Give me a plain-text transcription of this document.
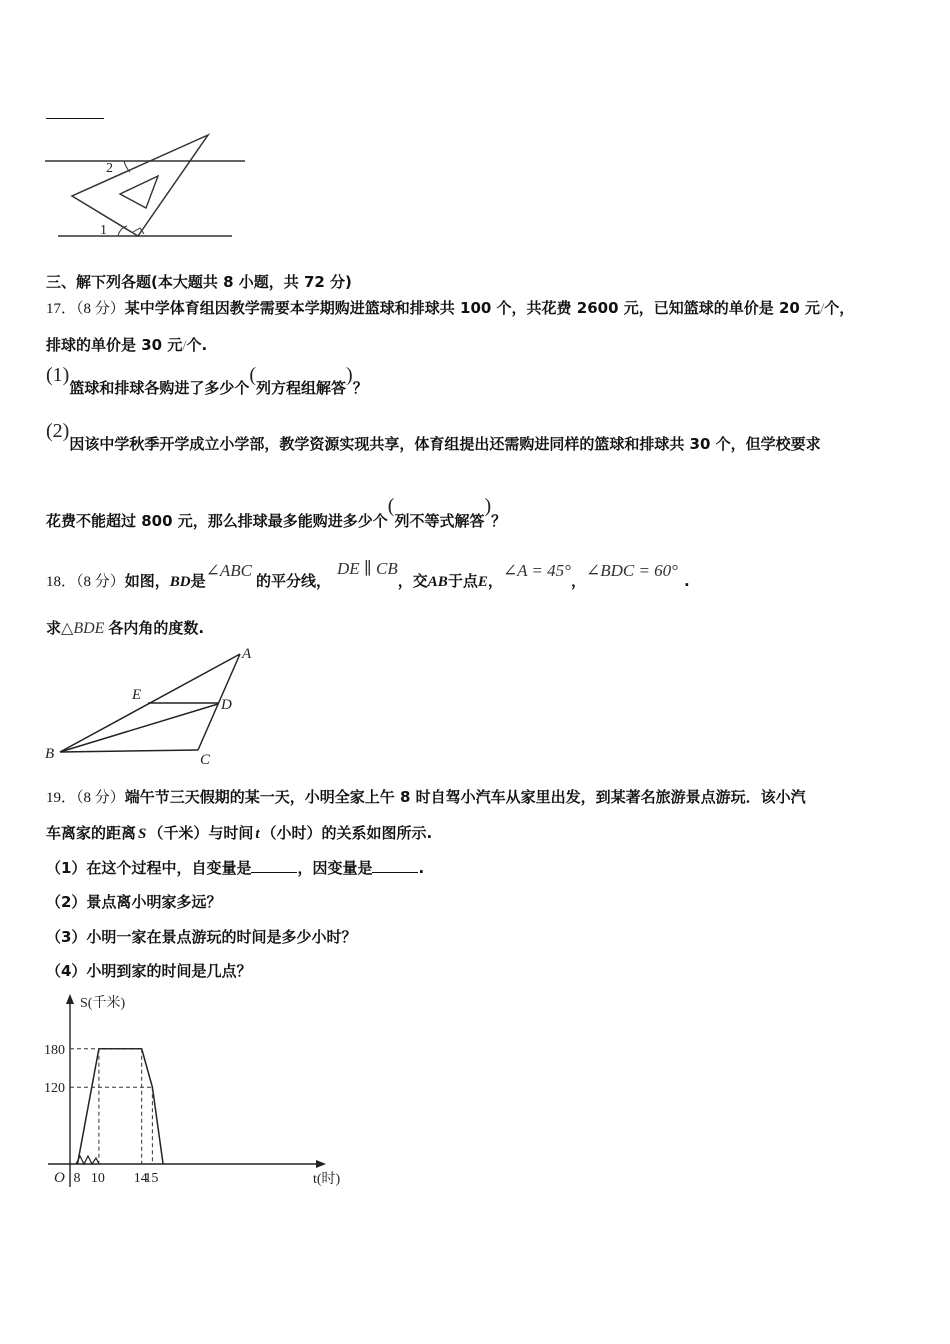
2
1
三、解下列各题(本大题共 8 小题，共 72 分)
17．（8 分）某中学体育组因教学需要本学期购进篮球和排球共 100 个，共花费 2600 元，已知篮球的单价是 20 元/个，
排球的单价是 30 元/个.
(1)篮球和排球各购进了多少个(列方程组解答)？
(2)因该中学秋季开学成立小学部，教学资源实现共享，体育组提出还需购进同样的篮球和排球共 30 个，但学校要求
花费不能超过 800 元，那么排球最多能购进多少个(列不等式解答)？
18．（8 分）如图，BD是∠ABC的平分线，DE ∥ CB，交AB于点E，∠A = 45°，∠BDC = 60°.
求△BDE 各内角的度数.
A
B	C
D
E
19．（8 分）端午节三天假期的某一天，小明全家上午 8 时自驾小汽车从家里出发，到某著名旅游景点游玩．该小汽
车离家的距离 S （千米）与时间 t （小时）的关系如图所示.
（1）在这个过程中，自变量是	，因变量是	.
（2）景点离小明家多远？
（3）小明一家在景点游玩的时间是多少小时？
（4）小明到家的时间是几点？
S(千米)
t(时)
O
180
120
8 10 14
15
